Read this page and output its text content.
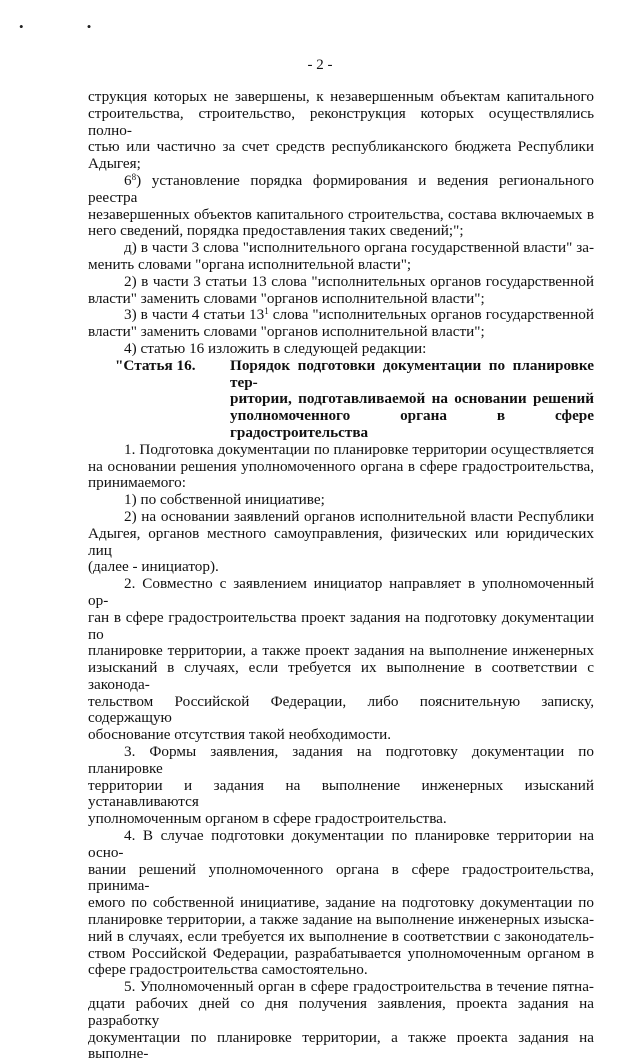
• •
- 2 -

струкция которых не завершены, к незавершенным объектам капитального

строительства, строительство, реконструкция которых осуществлялись полно-

стью или частично за счет средств республиканского бюджета Республики

Адыгея;

$6^8$) установление порядка формирования и ведения регионального реестра

незавершенных объектов капитального строительства, состава включаемых в

него сведений, порядка предоставления таких сведений;";

д) в части 3 слова "исполнительного органа государственной власти" за-

менить словами "органа исполнительной власти";

2) в части 3 статьи 13 слова "исполнительных органов государственной

власти" заменить словами "органов исполнительной власти";

3) в части 4 статьи $13^1$ слова "исполнительных органов государственной

власти" заменить словами "органов исполнительной власти";

4) статью 16 изложить в следующей редакции:

"Статья 16.	Порядок подготовки документации по планировке тер-
ритории, подготавливаемой на основании решений
уполномоченного органа в сфере градостроительства

1. Подготовка документации по планировке территории осуществляется

на основании решения уполномоченного органа в сфере градостроительства,

принимаемого:

1) по собственной инициативе;

2) на основании заявлений органов исполнительной власти Республики

Адыгея, органов местного самоуправления, физических или юридических лиц

(далее - инициатор).

2. Совместно с заявлением инициатор направляет в уполномоченный ор-

ган в сфере градостроительства проект задания на подготовку документации по

планировке территории, а также проект задания на выполнение инженерных

изысканий в случаях, если требуется их выполнение в соответствии с законода-

тельством Российской Федерации, либо пояснительную записку, содержащую

обоснование отсутствия такой необходимости.

3. Формы заявления, задания на подготовку документации по планировке

территории и задания на выполнение инженерных изысканий устанавливаются

уполномоченным органом в сфере градостроительства.

4. В случае подготовки документации по планировке территории на осно-

вании решений уполномоченного органа в сфере градостроительства, принима-

емого по собственной инициативе, задание на подготовку документации по

планировке территории, а также задание на выполнение инженерных изыска-

ний в случаях, если требуется их выполнение в соответствии с законодатель-

ством Российской Федерации, разрабатывается уполномоченным органом в

сфере градостроительства самостоятельно.

5. Уполномоченный орган в сфере градостроительства в течение пятна-

дцати рабочих дней со дня получения заявления, проекта задания на разработку

документации по планировке территории, а также проекта задания на выполне-
